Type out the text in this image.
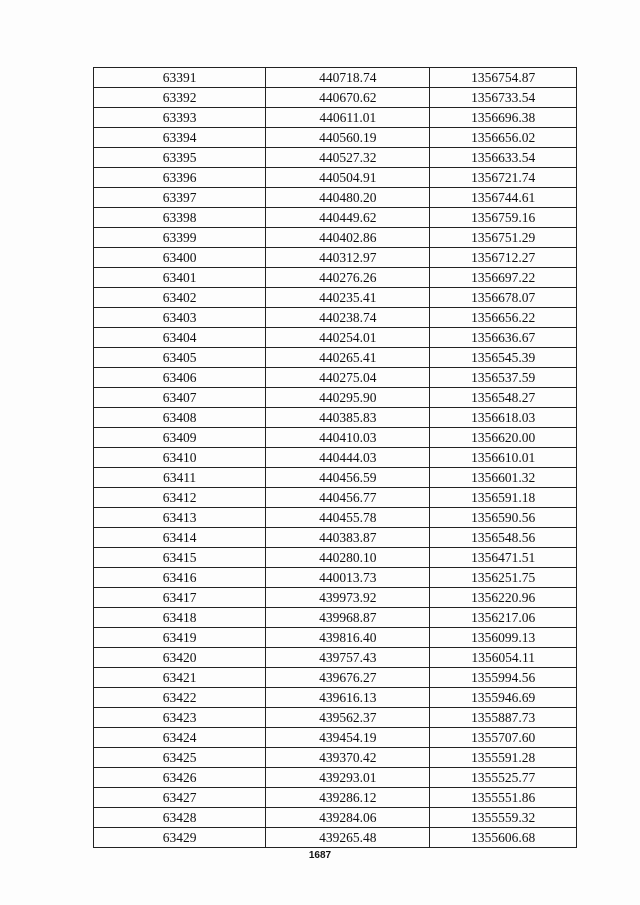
63391	440718.74	1356754.87
63392	440670.62	1356733.54
63393	440611.01	1356696.38
63394	440560.19	1356656.02
63395	440527.32	1356633.54
63396	440504.91	1356721.74
63397	440480.20	1356744.61
63398	440449.62	1356759.16
63399	440402.86	1356751.29
63400	440312.97	1356712.27
63401	440276.26	1356697.22
63402	440235.41	1356678.07
63403	440238.74	1356656.22
63404	440254.01	1356636.67
63405	440265.41	1356545.39
63406	440275.04	1356537.59
63407	440295.90	1356548.27
63408	440385.83	1356618.03
63409	440410.03	1356620.00
63410	440444.03	1356610.01
63411	440456.59	1356601.32
63412	440456.77	1356591.18
63413	440455.78	1356590.56
63414	440383.87	1356548.56
63415	440280.10	1356471.51
63416	440013.73	1356251.75
63417	439973.92	1356220.96
63418	439968.87	1356217.06
63419	439816.40	1356099.13
63420	439757.43	1356054.11
63421	439676.27	1355994.56
63422	439616.13	1355946.69
63423	439562.37	1355887.73
63424	439454.19	1355707.60
63425	439370.42	1355591.28
63426	439293.01	1355525.77
63427	439286.12	1355551.86
63428	439284.06	1355559.32
63429	439265.48	1355606.68
1687
